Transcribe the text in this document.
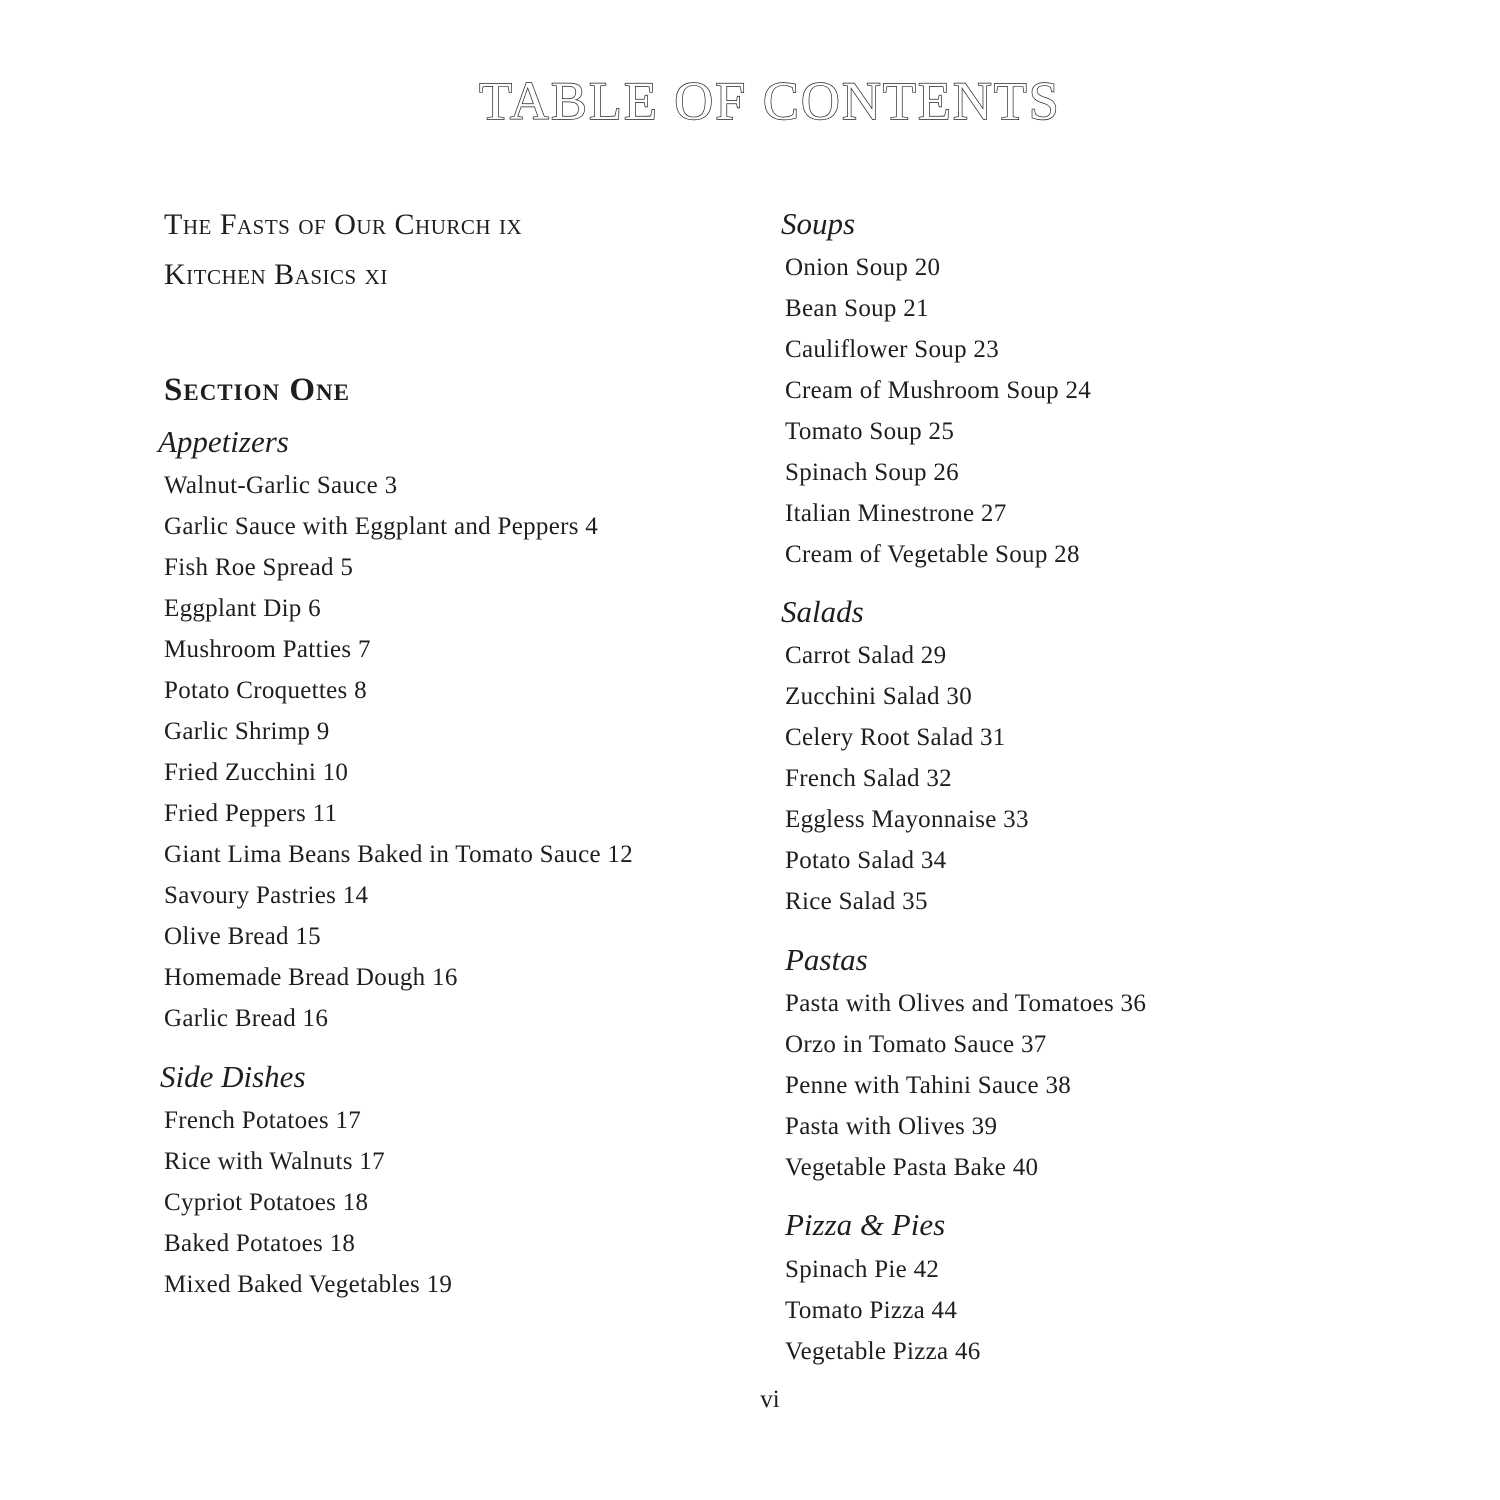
TABLE OF CONTENTS
The Fasts of Our Church ix
Kitchen Basics xi
Section One
Appetizers
Walnut-Garlic Sauce 3
Garlic Sauce with Eggplant and Peppers 4
Fish Roe Spread 5
Eggplant Dip 6
Mushroom Patties 7
Potato Croquettes 8
Garlic Shrimp 9
Fried Zucchini 10
Fried Peppers 11
Giant Lima Beans Baked in Tomato Sauce 12
Savoury Pastries 14
Olive Bread 15
Homemade Bread Dough 16
Garlic Bread 16
Side Dishes
French Potatoes 17
Rice with Walnuts 17
Cypriot Potatoes 18
Baked Potatoes 18
Mixed Baked Vegetables 19
Soups
Onion Soup 20
Bean Soup 21
Cauliflower Soup 23
Cream of Mushroom Soup 24
Tomato Soup 25
Spinach Soup 26
Italian Minestrone 27
Cream of Vegetable Soup 28
Salads
Carrot Salad 29
Zucchini Salad 30
Celery Root Salad 31
French Salad 32
Eggless Mayonnaise 33
Potato Salad 34
Rice Salad 35
Pastas
Pasta with Olives and Tomatoes 36
Orzo in Tomato Sauce 37
Penne with Tahini Sauce 38
Pasta with Olives 39
Vegetable Pasta Bake 40
Pizza & Pies
Spinach Pie 42
Tomato Pizza 44
Vegetable Pizza 46
vi
